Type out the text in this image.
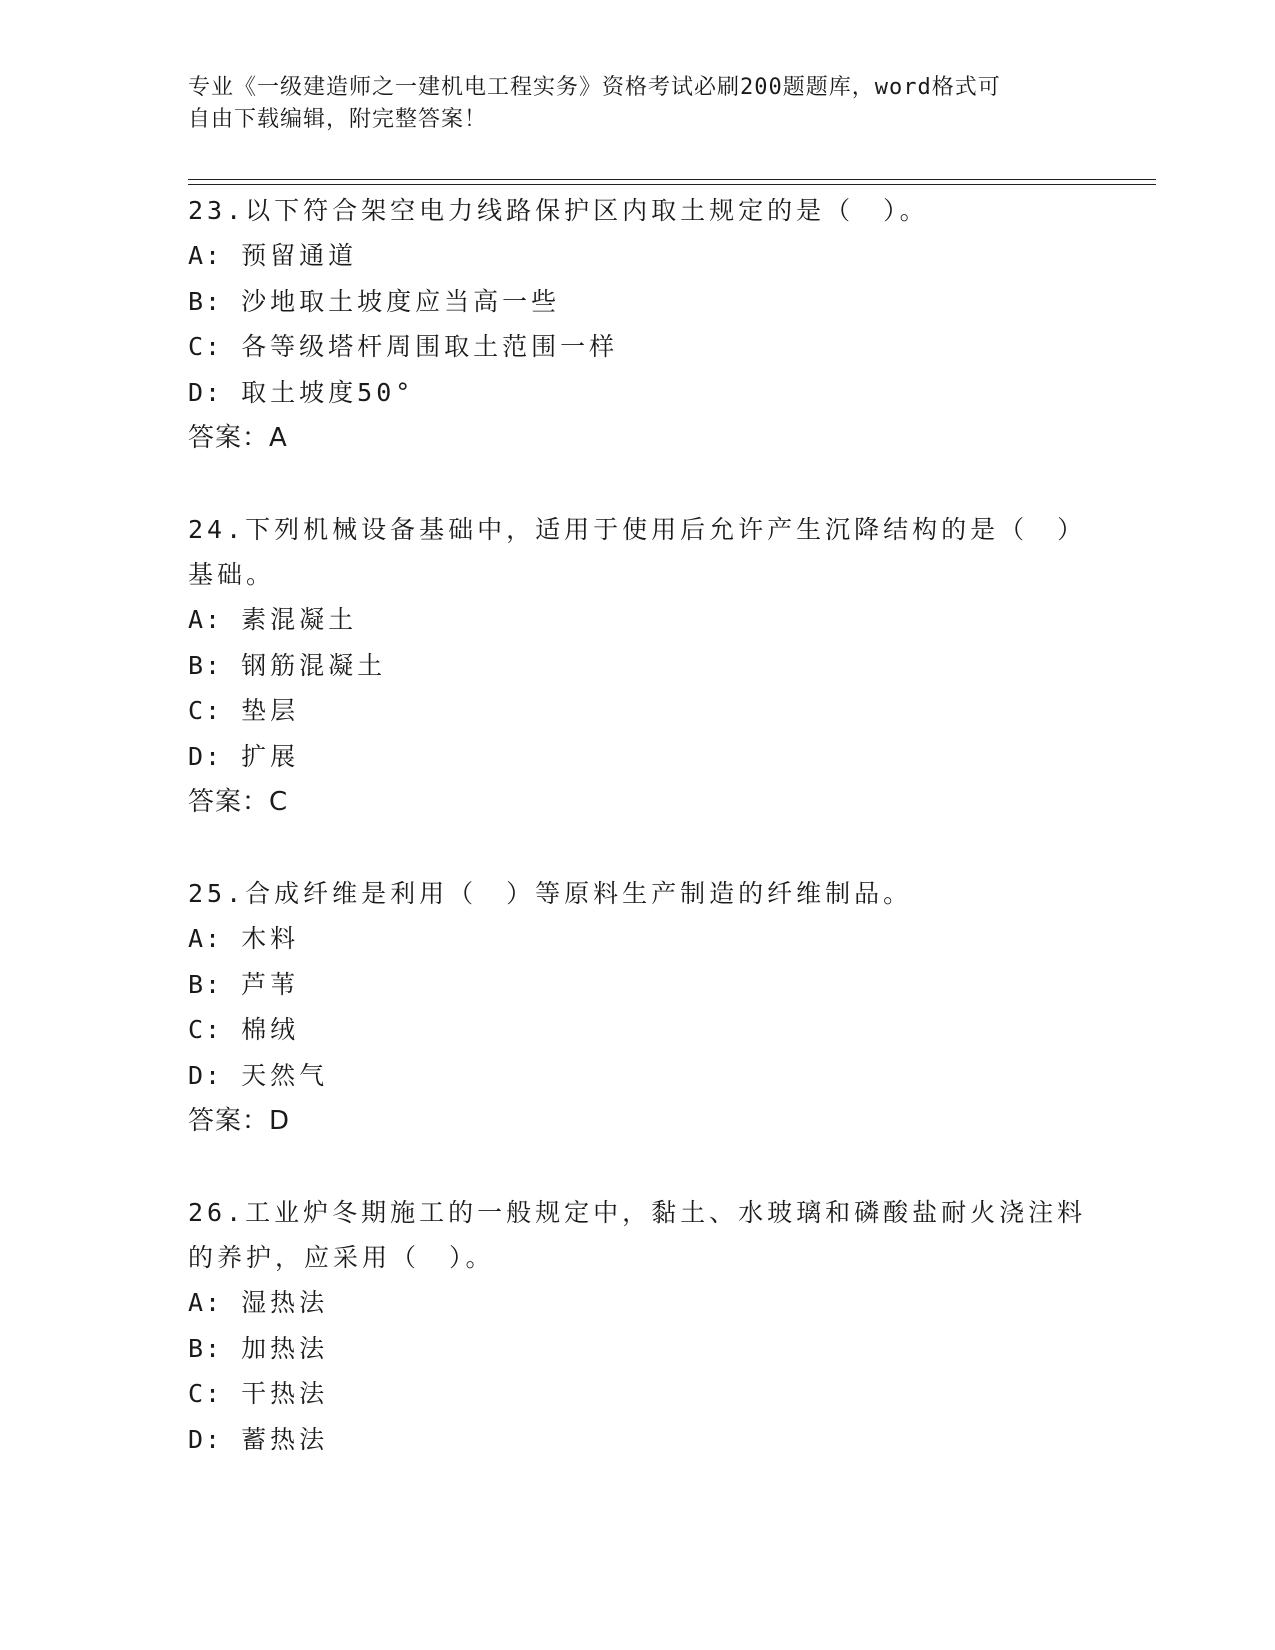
专业《一级建造师之一建机电工程实务》资格考试必刷200题题库，word格式可
自由下载编辑，附完整答案！
23.以下符合架空电力线路保护区内取土规定的是（　）。
A: 预留通道
B: 沙地取土坡度应当高一些
C: 各等级塔杆周围取土范围一样
D: 取土坡度50°
答案：A
24.下列机械设备基础中，适用于使用后允许产生沉降结构的是（　）基础。
A: 素混凝土
B: 钢筋混凝土
C: 垫层
D: 扩展
答案：C
25.合成纤维是利用（　）等原料生产制造的纤维制品。
A: 木料
B: 芦苇
C: 棉绒
D: 天然气
答案：D
26.工业炉冬期施工的一般规定中，黏土、水玻璃和磷酸盐耐火浇注料的养护，应采用（　）。
A: 湿热法
B: 加热法
C: 干热法
D: 蓄热法
